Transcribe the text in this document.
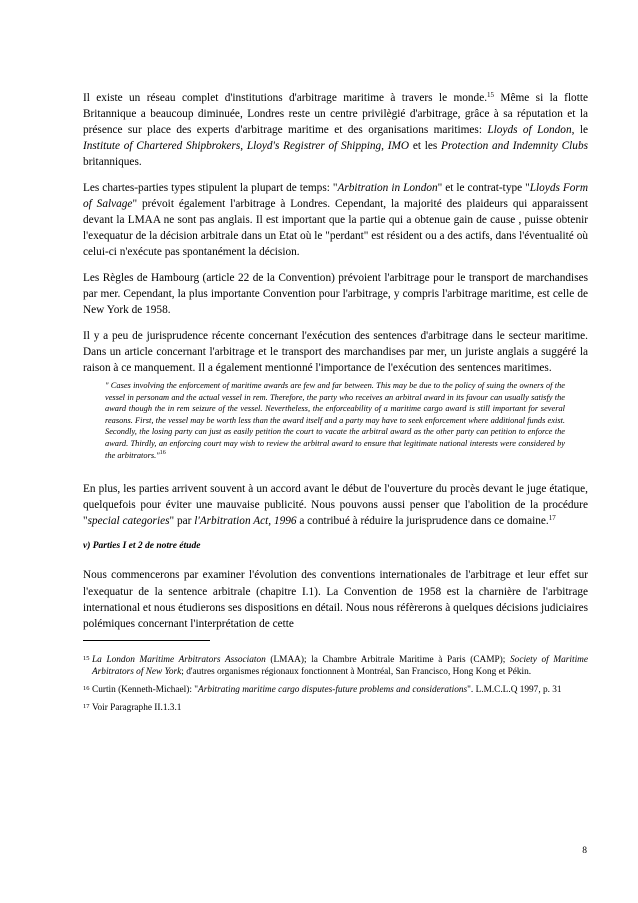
Il existe un réseau complet d'institutions d'arbitrage maritime à travers le monde.$^{15}$ Même si la flotte Britannique a beaucoup diminuée, Londres reste un centre privilègié d'arbitrage, grâce à sa réputation et la présence sur place des experts d'arbitrage maritime et des organisations maritimes: Lloyds of London, le Institute of Chartered Shipbrokers, Lloyd's Registrer of Shipping, IMO et les Protection and Indemnity Clubs britanniques.

Les chartes-parties types stipulent la plupart de temps: "Arbitration in London" et le contrat-type "Lloyds Form of Salvage" prévoit également l'arbitrage à Londres. Cependant, la majorité des plaideurs qui apparaissent devant la LMAA ne sont pas anglais. Il est important que la partie qui a obtenue gain de cause , puisse obtenir l'exequatur de la décision arbitrale dans un Etat où le "perdant" est résident ou a des actifs, dans l'éventualité où celui-ci n'exécute pas spontanément la décision.

Les Règles de Hambourg (article 22 de la Convention) prévoient l'arbitrage pour le transport de marchandises par mer. Cependant, la plus importante Convention pour l'arbitrage, y compris l'arbitrage maritime, est celle de New York de 1958.

Il y a peu de jurisprudence récente concernant l'exécution des sentences d'arbitrage dans le secteur maritime. Dans un article concernant l'arbitrage et le transport des marchandises par mer, un juriste anglais a suggéré la raison à ce manquement. Il a également mentionné l'importance de l'exécution des sentences maritimes.

" Cases involving the enforcement of maritime awards are few and far between. This may be due to the policy of suing the owners of the vessel in personam and the actual vessel in rem. Therefore, the party who receives an arbitral award in its favour can usually satisfy the award though the in rem seizure of the vessel. Nevertheless, the enforceability of a maritime cargo award is still important for several reasons. First, the vessel may be worth less than the award itself and a party may have to seek enforcement where additional funds exist. Secondly, the losing party can just as easily petition the court to vacate the arbitral award as the other party can petition to enforce the award. Thirdly, an enforcing court may wish to review the arbitral award to ensure that legitimate national interests were considered by the arbitrators."$^{16}$

En plus, les parties arrivent souvent à un accord avant le début de l'ouverture du procès devant le juge étatique, quelquefois pour éviter une mauvaise publicité. Nous pouvons aussi penser que l'abolition de la procédure "special categories" par l'Arbitration Act, 1996 a contribué à réduire la jurisprudence dans ce domaine.$^{17}$

v) Parties I et 2 de notre étude

Nous commencerons par examiner l'évolution des conventions internationales de l'arbitrage et leur effet sur l'exequatur de la sentence arbitrale (chapitre I.1). La Convention de 1958 est la charnière de l'arbitrage international et nous étudierons ses dispositions en détail. Nous nous réfèrerons à quelques décisions judiciaires polémiques concernant l'interprétation de cette

15 La London Maritime Arbitrators Associaton (LMAA); la Chambre Arbitrale Maritime à Paris (CAMP); Society of Maritime Arbitrators of New York; d'autres organismes régionaux fonctionnent à Montréal, San Francisco, Hong Kong et Pékin.
16 Curtin (Kenneth-Michael): "Arbitrating maritime cargo disputes-future problems and considerations". L.M.C.L.Q 1997, p. 31
17 Voir Paragraphe II.1.3.1
8
